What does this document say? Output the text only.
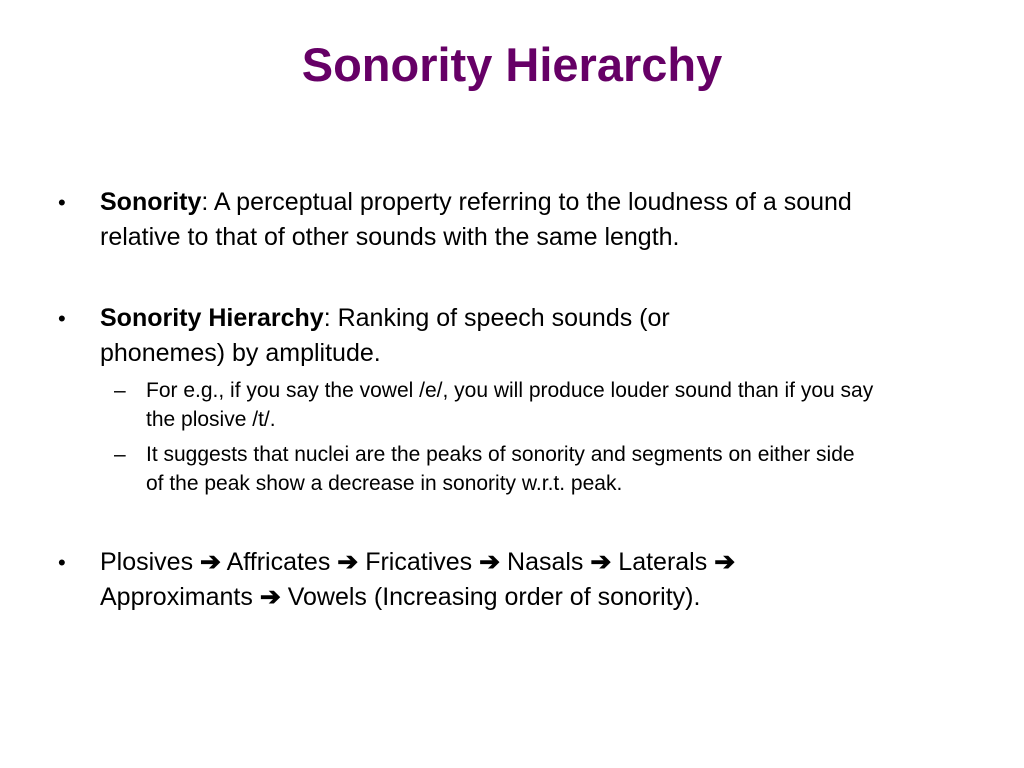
Sonority Hierarchy
• Sonority: A perceptual property referring to the loudness of a sound relative to that of other sounds with the same length.
• Sonority Hierarchy: Ranking of speech sounds (or phonemes) by amplitude.
– For e.g., if you say the vowel /e/, you will produce louder sound than if you say the plosive /t/.
– It suggests that nuclei are the peaks of sonority and segments on either side of the peak show a decrease in sonority w.r.t. peak.
• Plosives ➔ Affricates ➔ Fricatives ➔ Nasals ➔ Laterals ➔ Approximants ➔ Vowels (Increasing order of sonority).
